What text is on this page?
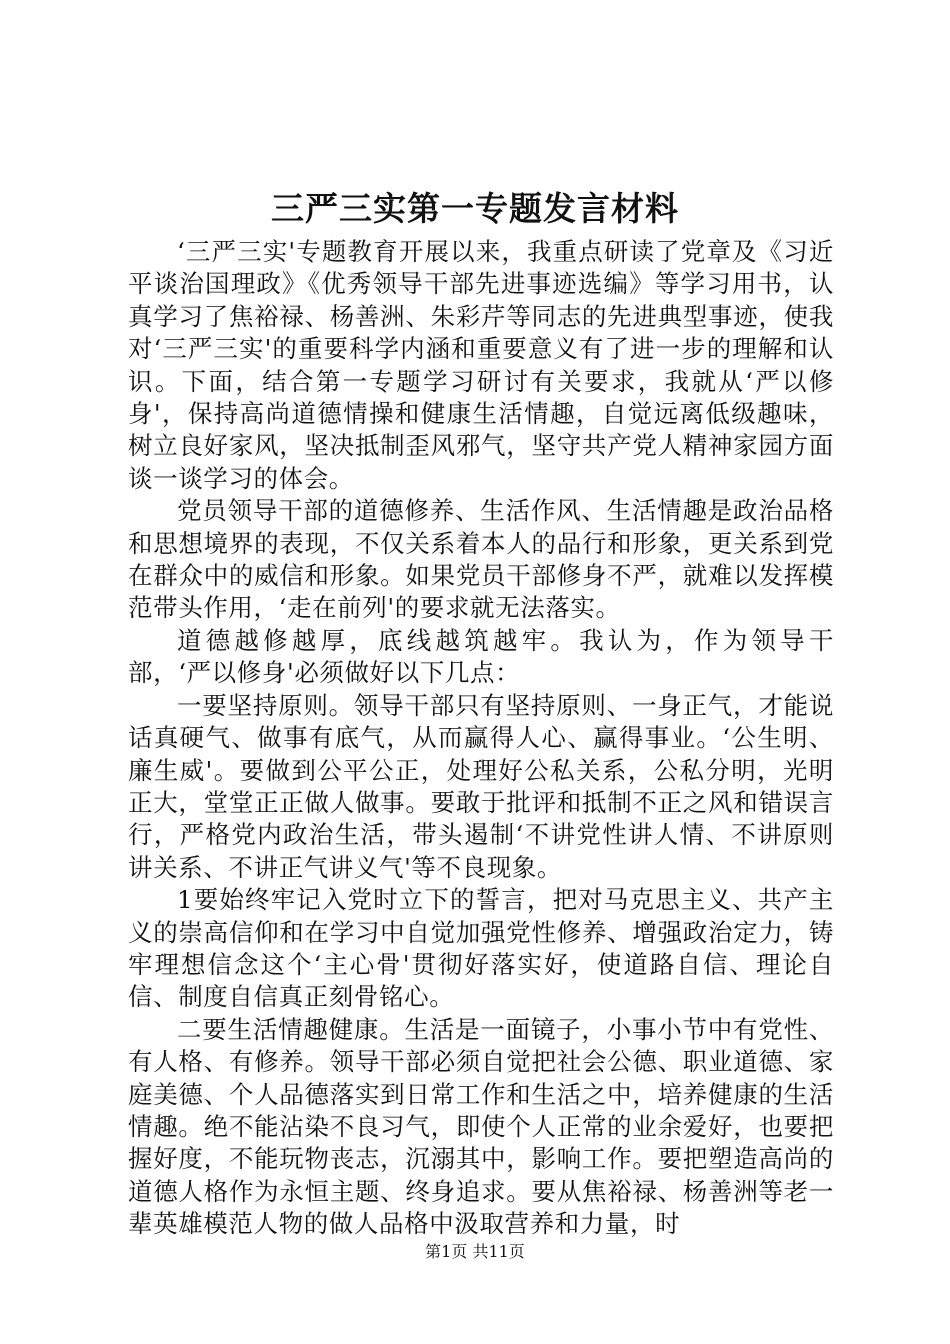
三严三实第一专题发言材料

‘三严三实'专题教育开展以来，我重点研读了党章及《习近平谈治国理政》《优秀领导干部先进事迹选编》等学习用书，认真学习了焦裕禄、杨善洲、朱彩芹等同志的先进典型事迹，使我对‘三严三实'的重要科学内涵和重要意义有了进一步的理解和认识。下面，结合第一专题学习研讨有关要求，我就从‘严以修身'，保持高尚道德情操和健康生活情趣，自觉远离低级趣味，树立良好家风，坚决抵制歪风邪气，坚守共产党人精神家园方面谈一谈学习的体会。

党员领导干部的道德修养、生活作风、生活情趣是政治品格和思想境界的表现，不仅关系着本人的品行和形象，更关系到党在群众中的威信和形象。如果党员干部修身不严，就难以发挥模范带头作用，‘走在前列'的要求就无法落实。

道德越修越厚，底线越筑越牢。我认为，作为领导干部，‘严以修身'必须做好以下几点：

一要坚持原则。领导干部只有坚持原则、一身正气，才能说话真硬气、做事有底气，从而赢得人心、赢得事业。‘公生明、廉生威'。要做到公平公正，处理好公私关系，公私分明，光明正大，堂堂正正做人做事。要敢于批评和抵制不正之风和错误言行，严格党内政治生活，带头遏制‘不讲党性讲人情、不讲原则讲关系、不讲正气讲义气'等不良现象。

1要始终牢记入党时立下的誓言，把对马克思主义、共产主义的崇高信仰和在学习中自觉加强党性修养、增强政治定力，铸牢理想信念这个‘主心骨'贯彻好落实好，使道路自信、理论自信、制度自信真正刻骨铭心。

二要生活情趣健康。生活是一面镜子，小事小节中有党性、有人格、有修养。领导干部必须自觉把社会公德、职业道德、家庭美德、个人品德落实到日常工作和生活之中，培养健康的生活情趣。绝不能沾染不良习气，即使个人正常的业余爱好，也要把握好度，不能玩物丧志，沉溺其中，影响工作。要把塑造高尚的道德人格作为永恒主题、终身追求。要从焦裕禄、杨善洲等老一辈英雄模范人物的做人品格中汲取营养和力量，时

第1页 共11页
